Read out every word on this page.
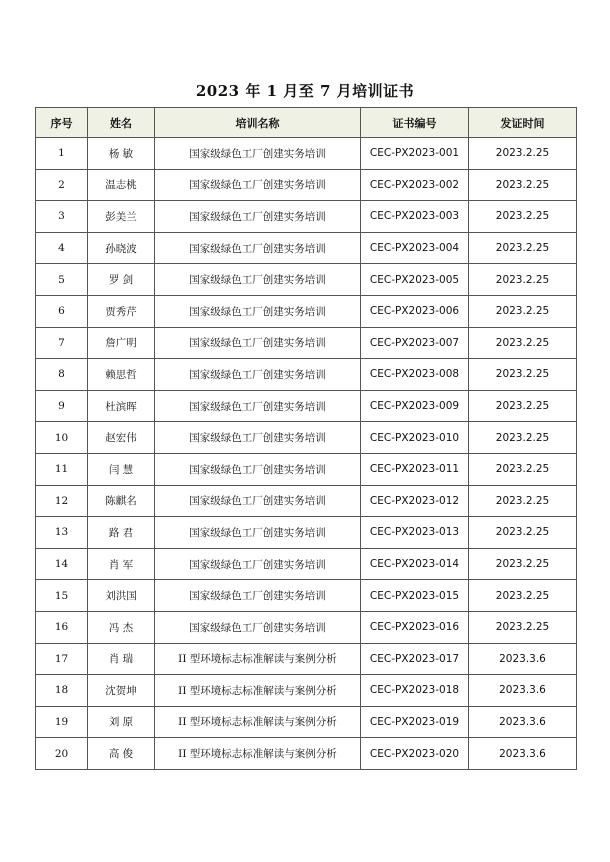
2023 年 1 月至 7 月培训证书
序号	姓名	培训名称	证书编号	发证时间
1	杨 敏	国家级绿色工厂创建实务培训	CEC-PX2023-001	2023.2.25
2	温志桃	国家级绿色工厂创建实务培训	CEC-PX2023-002	2023.2.25
3	彭美兰	国家级绿色工厂创建实务培训	CEC-PX2023-003	2023.2.25
4	孙晓波	国家级绿色工厂创建实务培训	CEC-PX2023-004	2023.2.25
5	罗 剑	国家级绿色工厂创建实务培训	CEC-PX2023-005	2023.2.25
6	贾秀芹	国家级绿色工厂创建实务培训	CEC-PX2023-006	2023.2.25
7	詹广明	国家级绿色工厂创建实务培训	CEC-PX2023-007	2023.2.25
8	赖思哲	国家级绿色工厂创建实务培训	CEC-PX2023-008	2023.2.25
9	杜滨晖	国家级绿色工厂创建实务培训	CEC-PX2023-009	2023.2.25
10	赵宏伟	国家级绿色工厂创建实务培训	CEC-PX2023-010	2023.2.25
11	闫 慧	国家级绿色工厂创建实务培训	CEC-PX2023-011	2023.2.25
12	陈麒名	国家级绿色工厂创建实务培训	CEC-PX2023-012	2023.2.25
13	路 君	国家级绿色工厂创建实务培训	CEC-PX2023-013	2023.2.25
14	肖 军	国家级绿色工厂创建实务培训	CEC-PX2023-014	2023.2.25
15	刘洪国	国家级绿色工厂创建实务培训	CEC-PX2023-015	2023.2.25
16	冯 杰	国家级绿色工厂创建实务培训	CEC-PX2023-016	2023.2.25
17	肖 瑞	II 型环境标志标准解读与案例分析	CEC-PX2023-017	2023.3.6
18	沈贺坤	II 型环境标志标准解读与案例分析	CEC-PX2023-018	2023.3.6
19	刘 原	II 型环境标志标准解读与案例分析	CEC-PX2023-019	2023.3.6
20	高 俊	II 型环境标志标准解读与案例分析	CEC-PX2023-020	2023.3.6
